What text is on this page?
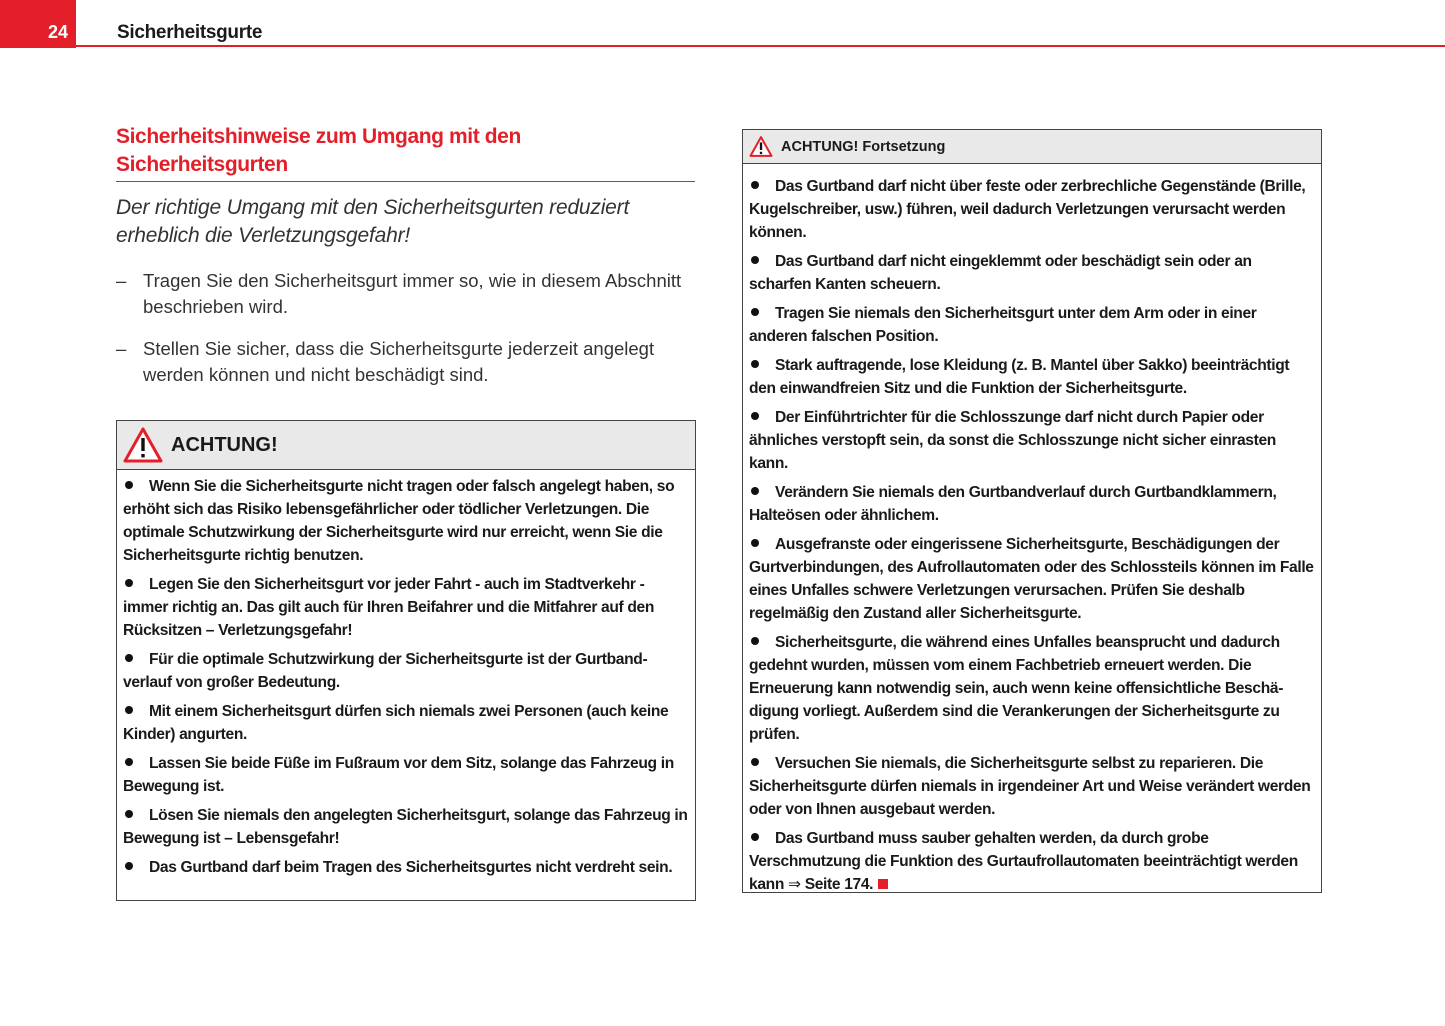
24	Sicherheitsgurte
Sicherheitshinweise zum Umgang mit den Sicherheitsgurten
Der richtige Umgang mit den Sicherheitsgurten reduziert erheblich die Verletzungsgefahr!
– Tragen Sie den Sicherheitsgurt immer so, wie in diesem Abschnitt beschrieben wird.
– Stellen Sie sicher, dass die Sicherheitsgurte jederzeit angelegt werden können und nicht beschädigt sind.
ACHTUNG!
Wenn Sie die Sicherheitsgurte nicht tragen oder falsch angelegt haben, so erhöht sich das Risiko lebensgefährlicher oder tödlicher Verletzungen. Die optimale Schutzwirkung der Sicherheitsgurte wird nur erreicht, wenn Sie die Sicherheitsgurte richtig benutzen.
Legen Sie den Sicherheitsgurt vor jeder Fahrt - auch im Stadtverkehr - immer richtig an. Das gilt auch für Ihren Beifahrer und die Mitfahrer auf den Rücksitzen – Verletzungsgefahr!
Für die optimale Schutzwirkung der Sicherheitsgurte ist der Gurtbandverlauf von großer Bedeutung.
Mit einem Sicherheitsgurt dürfen sich niemals zwei Personen (auch keine Kinder) angurten.
Lassen Sie beide Füße im Fußraum vor dem Sitz, solange das Fahrzeug in Bewegung ist.
Lösen Sie niemals den angelegten Sicherheitsgurt, solange das Fahrzeug in Bewegung ist – Lebensgefahr!
Das Gurtband darf beim Tragen des Sicherheitsgurtes nicht verdreht sein.
ACHTUNG! Fortsetzung
Das Gurtband darf nicht über feste oder zerbrechliche Gegenstände (Brille, Kugelschreiber, usw.) führen, weil dadurch Verletzungen verursacht werden können.
Das Gurtband darf nicht eingeklemmt oder beschädigt sein oder an scharfen Kanten scheuern.
Tragen Sie niemals den Sicherheitsgurt unter dem Arm oder in einer anderen falschen Position.
Stark auftragende, lose Kleidung (z. B. Mantel über Sakko) beeinträchtigt den einwandfreien Sitz und die Funktion der Sicherheitsgurte.
Der Einführtrichter für die Schlosszunge darf nicht durch Papier oder ähnliches verstopft sein, da sonst die Schlosszunge nicht sicher einrasten kann.
Verändern Sie niemals den Gurtbandverlauf durch Gurtbandklammern, Halteösen oder ähnlichem.
Ausgefranste oder eingerissene Sicherheitsgurte, Beschädigungen der Gurtverbindungen, des Aufrollautomaten oder des Schlossteils können im Falle eines Unfalles schwere Verletzungen verursachen. Prüfen Sie deshalb regelmäßig den Zustand aller Sicherheitsgurte.
Sicherheitsgurte, die während eines Unfalles beansprucht und dadurch gedehnt wurden, müssen vom einem Fachbetrieb erneuert werden. Die Erneuerung kann notwendig sein, auch wenn keine offensichtliche Beschädigung vorliegt. Außerdem sind die Verankerungen der Sicherheitsgurte zu prüfen.
Versuchen Sie niemals, die Sicherheitsgurte selbst zu reparieren. Die Sicherheitsgurte dürfen niemals in irgendeiner Art und Weise verändert werden oder von Ihnen ausgebaut werden.
Das Gurtband muss sauber gehalten werden, da durch grobe Verschmutzung die Funktion des Gurtaufrollautomaten beeinträchtigt werden kann ⇒ Seite 174.
